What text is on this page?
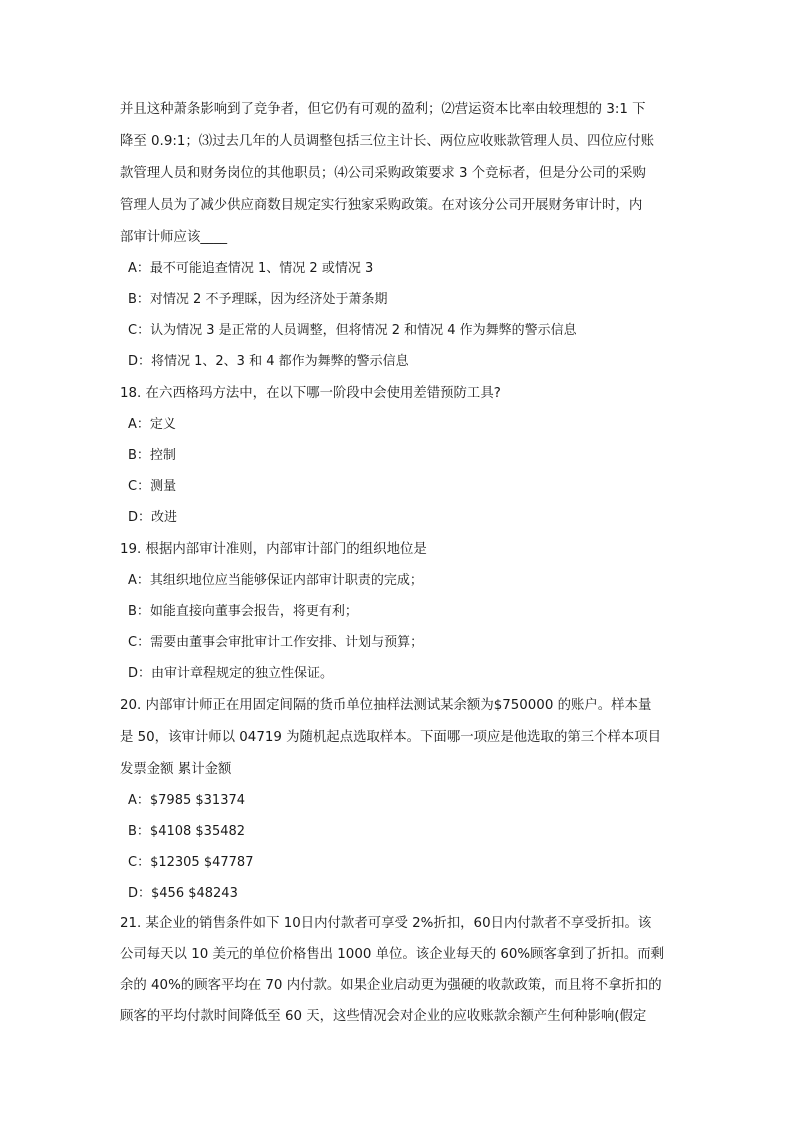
并且这种萧条影响到了竞争者，但它仍有可观的盈利；⑵营运资本比率由较理想的 3:1 下
降至 0.9:1；⑶过去几年的人员调整包括三位主计长、两位应收账款管理人员、四位应付账
款管理人员和财务岗位的其他职员；⑷公司采购政策要求 3 个竞标者，但是分公司的采购
管理人员为了减少供应商数目规定实行独家采购政策。在对该分公司开展财务审计时，内
部审计师应该____
A：最不可能追查情况 1、情况 2 或情况 3
B：对情况 2 不予理睬，因为经济处于萧条期
C：认为情况 3 是正常的人员调整，但将情况 2 和情况 4 作为舞弊的警示信息
D：将情况 1、2、3 和 4 都作为舞弊的警示信息
18. 在六西格玛方法中，在以下哪一阶段中会使用差错预防工具?
A：定义
B：控制
C：测量
D：改进
19. 根据内部审计准则，内部审计部门的组织地位是
A：其组织地位应当能够保证内部审计职责的完成；
B：如能直接向董事会报告，将更有利；
C：需要由董事会审批审计工作安排、计划与预算；
D：由审计章程规定的独立性保证。
20. 内部审计师正在用固定间隔的货币单位抽样法测试某余额为$750000 的账户。样本量
是 50，该审计师以 04719 为随机起点选取样本。下面哪一项应是他选取的第三个样本项目
发票金额 累计金额
A：$7985 $31374
B：$4108 $35482
C：$12305 $47787
D：$456 $48243
21. 某企业的销售条件如下 10日内付款者可享受 2%折扣，60日内付款者不享受折扣。该
公司每天以 10 美元的单位价格售出 1000 单位。该企业每天的 60%顾客拿到了折扣。而剩
余的 40%的顾客平均在 70 内付款。如果企业启动更为强硬的收款政策，而且将不拿折扣的
顾客的平均付款时间降低至 60 天，这些情况会对企业的应收账款余额产生何种影响(假定
